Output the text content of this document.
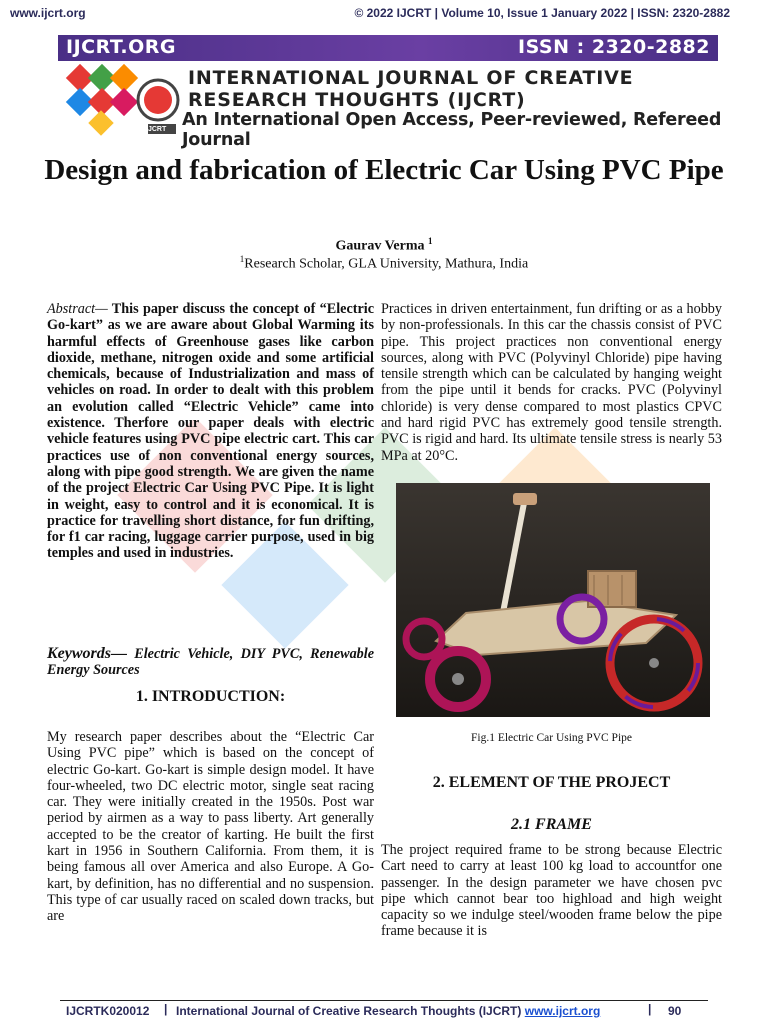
www.ijcrt.org	© 2022 IJCRT | Volume 10, Issue 1 January 2022 | ISSN: 2320-2882
IJCRT.ORG	ISSN : 2320-2882
IJCRT
INTERNATIONAL JOURNAL OF CREATIVE
RESEARCH THOUGHTS (IJCRT)
An International Open Access, Peer-reviewed, Refereed Journal
Design and fabrication of Electric Car Using PVC Pipe
Gaurav Verma $^1$
$^1$Research Scholar, GLA University, Mathura, India
Abstract— This paper discuss the concept of “Electric Go-kart” as we are aware about Global Warming its harmful effects of Greenhouse gases like carbon dioxide, methane, nitrogen oxide and some artificial chemicals, because of Industrialization and mass of vehicles on road. In order to dealt with this problem an evolution called “Electric Vehicle” came into existence. Therfore our paper deals with electric vehicle features using PVC pipe electric cart. This car practices use of non conventional energy sources, along with pipe good strength. We are given the name of the project Electric Car Using PVC Pipe. It is light in weight, easy to control and it is economical. It is practice for travelling short distance, for fun drifting, for f1 car racing, luggage carrier purpose, used in big temples and used in industries.
Keywords— Electric Vehicle, DIY PVC, Renewable Energy Sources
1. INTRODUCTION:
My research paper describes about the “Electric Car Using PVC pipe” which is based on the concept of electric Go-kart. Go-kart is simple design model. It have four-wheeled, two DC electric motor, single seat racing car. They were initially created in the 1950s. Post war period by airmen as a way to pass liberty. Art generally accepted to be the creator of karting. He built the first kart in 1956 in Southern California. From them, it is being famous all over America and also Europe. A Go-kart, by definition, has no differential and no suspension. This type of car usually raced on scaled down tracks, but are
Practices in driven entertainment, fun drifting or as a hobby by non-professionals. In this car the chassis consist of PVC pipe. This project practices non conventional energy sources, along with PVC (Polyvinyl Chloride) pipe having tensile strength which can be calculated by hanging weight from the pipe until it bends for cracks. PVC (Polyvinyl chloride) is very dense compared to most plastics CPVC and hard rigid PVC has extremely good tensile strength. PVC is rigid and hard. Its ultimate tensile stress is nearly 53 MPa at 20°C.
Fig.1 Electric Car Using PVC Pipe
2. ELEMENT OF THE PROJECT
2.1 FRAME
The project required frame to be strong because Electric Cart need to carry at least 100 kg load to accountfor one passenger. In the design parameter we have chosen pvc pipe which cannot bear too highload and high weight capacity so we indulge steel/wooden frame below the pipe frame because it is
IJCRTK020012 | International Journal of Creative Research Thoughts (IJCRT) www.ijcrt.org	| 90
